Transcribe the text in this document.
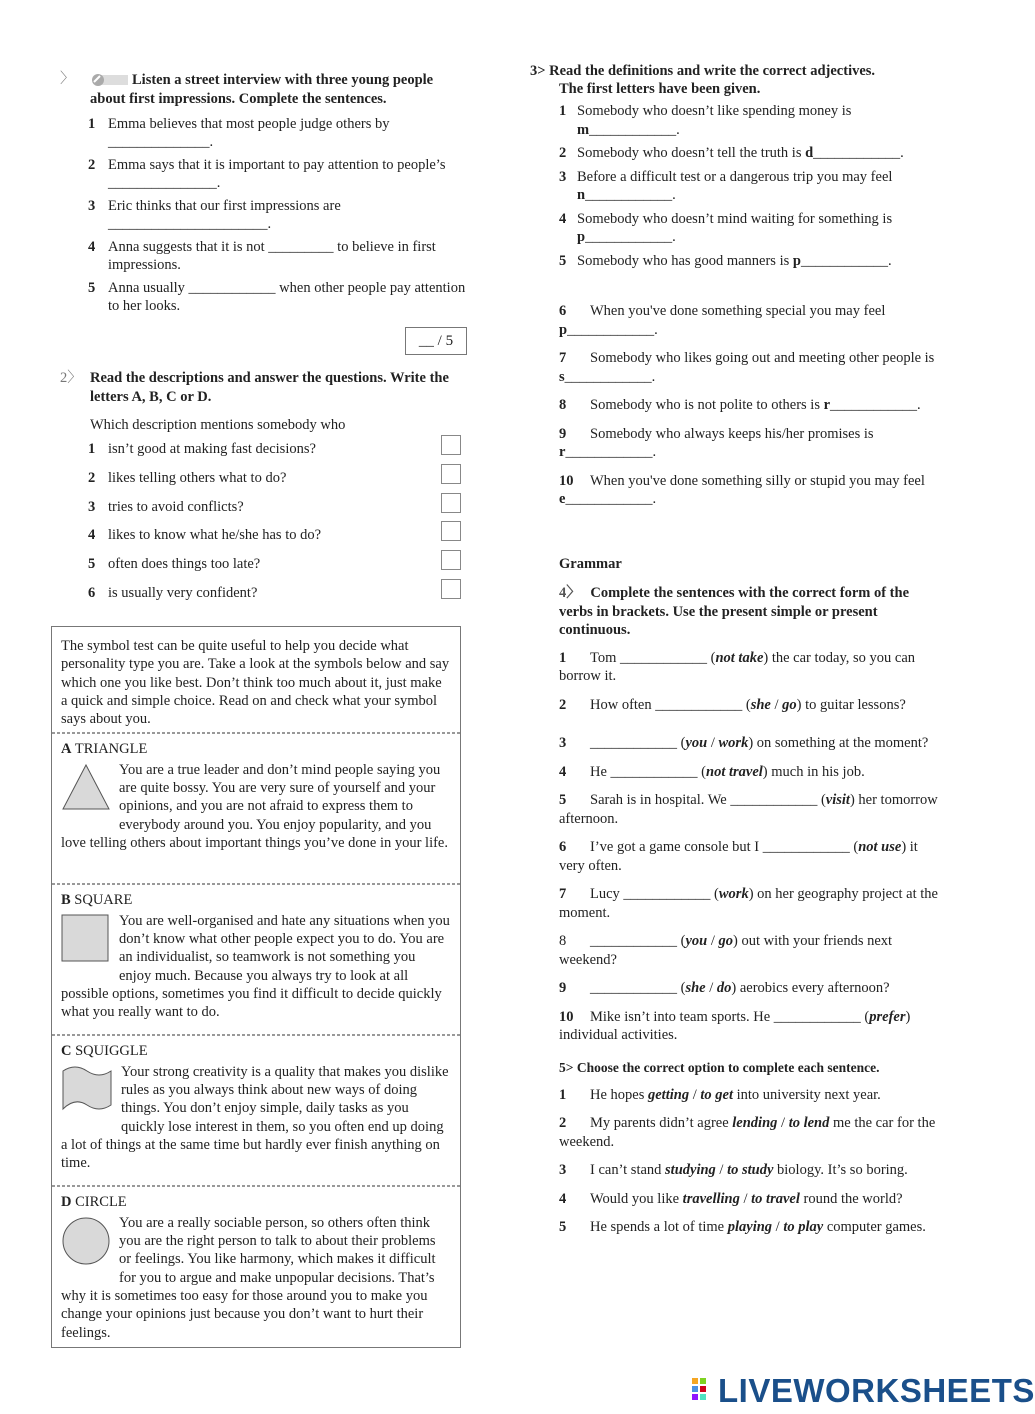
〉	Listen a street interview with three young people about first impressions. Complete the sentences.
1 Emma believes that most people judge others by ______________.
2 Emma says that it is important to pay attention to people’s _______________.
3 Eric thinks that our first impressions are ______________________.
4 Anna suggests that it is not _________ to believe in first impressions.
5 Anna usually ____________ when other people pay attention to her looks.
__ / 5
2〉 Read the descriptions and answer the questions. Write the letters A, B, C or D.
Which description mentions somebody who
1 isn’t good at making fast decisions?
2 likes telling others what to do?
3 tries to avoid conflicts?
4 likes to know what he/she has to do?
5 often does things too late?
6 is usually very confident?
The symbol test can be quite useful to help you decide what personality type you are. Take a look at the symbols below and say which one you like best. Don’t think too much about it, just make a quick and simple choice. Read on and check what your symbol says about you.
A TRIANGLE
You are a true leader and don’t mind people saying you are quite bossy. You are very sure of yourself and your opinions, and you are not afraid to express them to everybody around you. You enjoy popularity, and you love telling others about important things you’ve done in your life.
B SQUARE
You are well-organised and hate any situations when you don’t know what other people expect you to do. You are an individualist, so teamwork is not something you enjoy much. Because you always try to look at all possible options, sometimes you find it difficult to decide quickly what you really want to do.
C SQUIGGLE
Your strong creativity is a quality that makes you dislike rules as you always think about new ways of doing things. You don’t enjoy simple, daily tasks as you quickly lose interest in them, so you often end up doing a lot of things at the same time but hardly ever finish anything on time.
D CIRCLE
You are a really sociable person, so others often think you are the right person to talk to about their problems or feelings. You like harmony, which makes it difficult for you to argue and make unpopular decisions. That’s why it is sometimes too easy for those around you to make you change your opinions just because you don’t want to hurt their feelings.
3> Read the definitions and write the correct adjectives.
The first letters have been given.
1 Somebody who doesn’t like spending money is m____________.
2 Somebody who doesn’t tell the truth is d____________.
3 Before a difficult test or a dangerous trip you may feel n____________.
4 Somebody who doesn’t mind waiting for something is p____________.
5 Somebody who has good manners is p____________.
6 When you've done something special you may feel p____________.
7 Somebody who likes going out and meeting other people is s____________.
8 Somebody who is not polite to others is r____________.
9 Somebody who always keeps his/her promises is r____________.
10 When you've done something silly or stupid you may feel e____________.
Grammar
4〉 Complete the sentences with the correct form of the verbs in brackets. Use the present simple or present continuous.
1 Tom ____________ (not take) the car today, so you can borrow it.
2 How often ____________ (she / go) to guitar lessons?
3 ____________ (you / work) on something at the moment?
4 He ____________ (not travel) much in his job.
5 Sarah is in hospital. We ____________ (visit) her tomorrow afternoon.
6 I’ve got a game console but I ____________ (not use) it very often.
7 Lucy ____________ (work) on her geography project at the moment.
8 ____________ (you / go) out with your friends next weekend?
9 ____________ (she / do) aerobics every afternoon?
10 Mike isn’t into team sports. He ____________ (prefer) individual activities.
5> Choose the correct option to complete each sentence.
1 He hopes getting / to get into university next year.
2 My parents didn’t agree lending / to lend me the car for the weekend.
3 I can’t stand studying / to study biology. It’s so boring.
4 Would you like travelling / to travel round the world?
5 He spends a lot of time playing / to play computer games.
LIVEWORKSHEETS
